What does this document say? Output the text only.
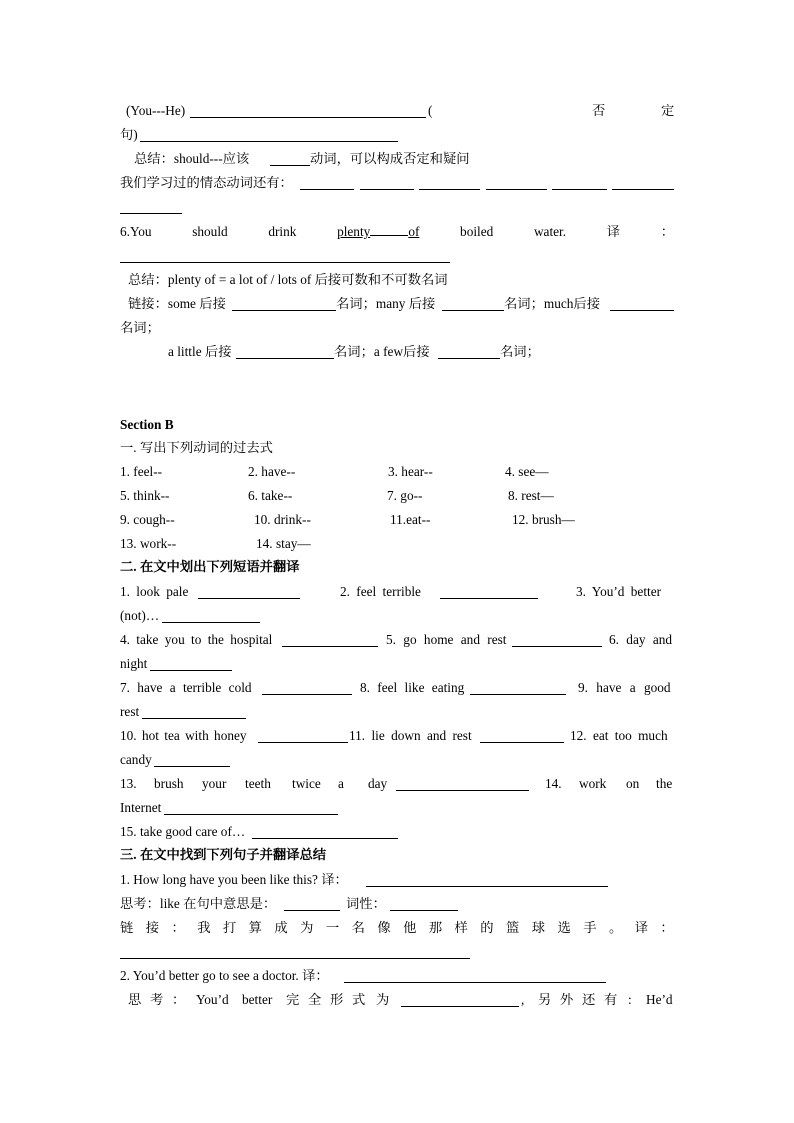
(You---He)	(	否	定
句)
总结：should---应该	动词，可以构成否定和疑问
我们学习过的情态动词还有：
6.You	should	drink	plenty	of	boiled	water.	译	：
总结：plenty of = a lot of / lots of 后接可数和不可数名词
链接：some 后接	名词；many 后接	名词；much后接
名词；
a little 后接	名词；a few后接	名词；
Section B
一. 写出下列动词的过去式
1. feel--	2. have--	3. hear--	4. see—
5. think--	6. take--	7. go--	8. rest—
9. cough--	10. drink--	11.eat--	12. brush—
13. work--	14. stay—
二. 在文中划出下列短语并翻译
1. look pale	2. feel terrible	3. You’d better
(not)…
4. take you to the hospital	5. go home and rest	6. day and
night
7. have a terrible cold	8. feel like eating	9. have a good
rest
10. hot tea with honey	11. lie down and rest	12. eat too much
candy
13. brush your teeth twice a day	14. work on the
Internet
15. take good care of…
三. 在文中找到下列句子并翻译总结
1. How long have you been like this? 译：
思考：like 在句中意思是：	词性：
链 接 ： 我 打 算 成 为 一 名 像 他 那 样 的 篮 球 选 手 。 译 ：
2. You’d better go to see a doctor. 译：
思 考 ： You’d better 完 全 形 式 为	, 另 外 还 有 : He’d
